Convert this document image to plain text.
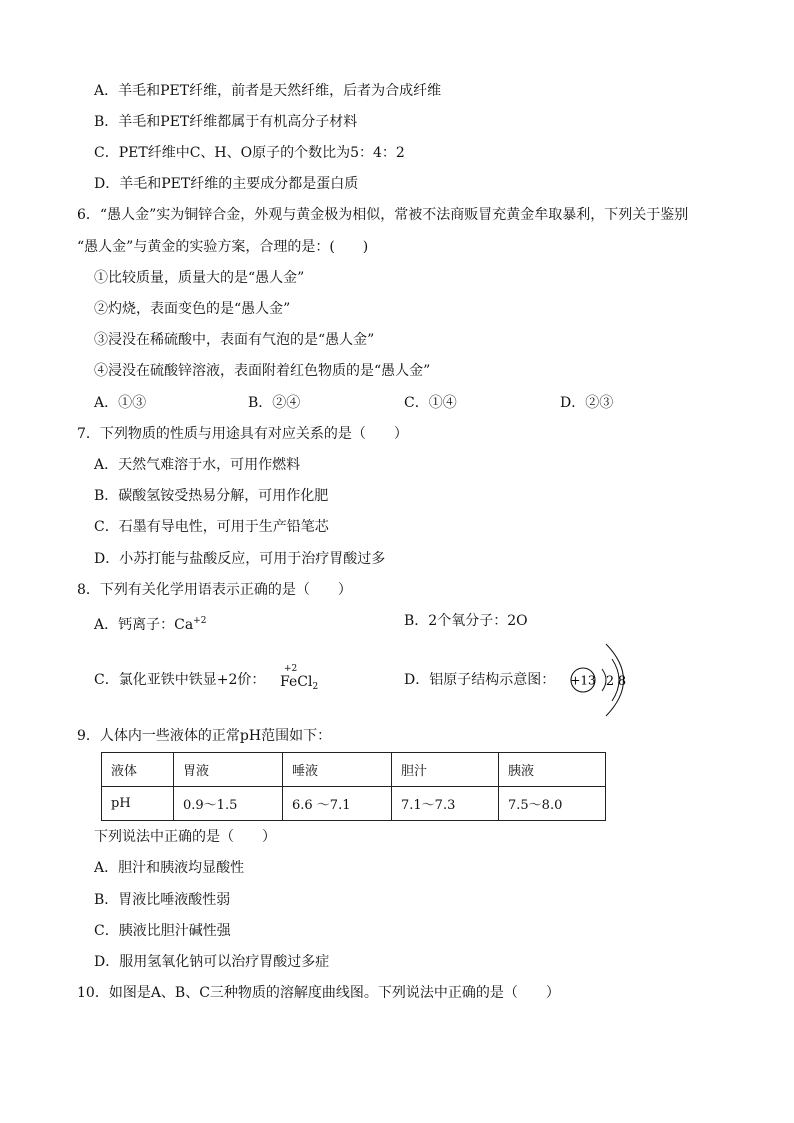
A．羊毛和PET纤维，前者是天然纤维，后者为合成纤维
B．羊毛和PET纤维都属于有机高分子材料
C．PET纤维中C、H、O原子的个数比为5：4：2
D．羊毛和PET纤维的主要成分都是蛋白质
6．“愚人金”实为铜锌合金，外观与黄金极为相似，常被不法商贩冒充黄金牟取暴利，下列关于鉴别
“愚人金”与黄金的实验方案，合理的是：(　　)
①比较质量，质量大的是“愚人金”
②灼烧，表面变色的是“愚人金”
③浸没在稀硫酸中，表面有气泡的是“愚人金”
④浸没在硫酸锌溶液，表面附着红色物质的是“愚人金”
A．①③	B．②④	C．①④	D．②③
7．下列物质的性质与用途具有对应关系的是（　　）
A．天然气难溶于水，可用作燃料
B．碳酸氢铵受热易分解，可用作化肥
C．石墨有导电性，可用于生产铅笔芯
D．小苏打能与盐酸反应，可用于治疗胃酸过多
8．下列有关化学用语表示正确的是（　　）
A．钙离子：$Ca^{+2}$	B．2个氧分子：2O
C．氯化亚铁中铁显+2价：
+2
FeCl$_2$	D．铝原子结构示意图： +13 2 8
9．人体内一些液体的正常pH范围如下：
液体	胃液	唾液	胆汁	胰液
pH	0.9～1.5	6.6 ～7.1	7.1～7.3	7.5～8.0
下列说法中正确的是（　　）
A．胆汁和胰液均显酸性
B．胃液比唾液酸性弱
C．胰液比胆汁碱性强
D．服用氢氧化钠可以治疗胃酸过多症
10．如图是A、B、C三种物质的溶解度曲线图。下列说法中正确的是（　　）
